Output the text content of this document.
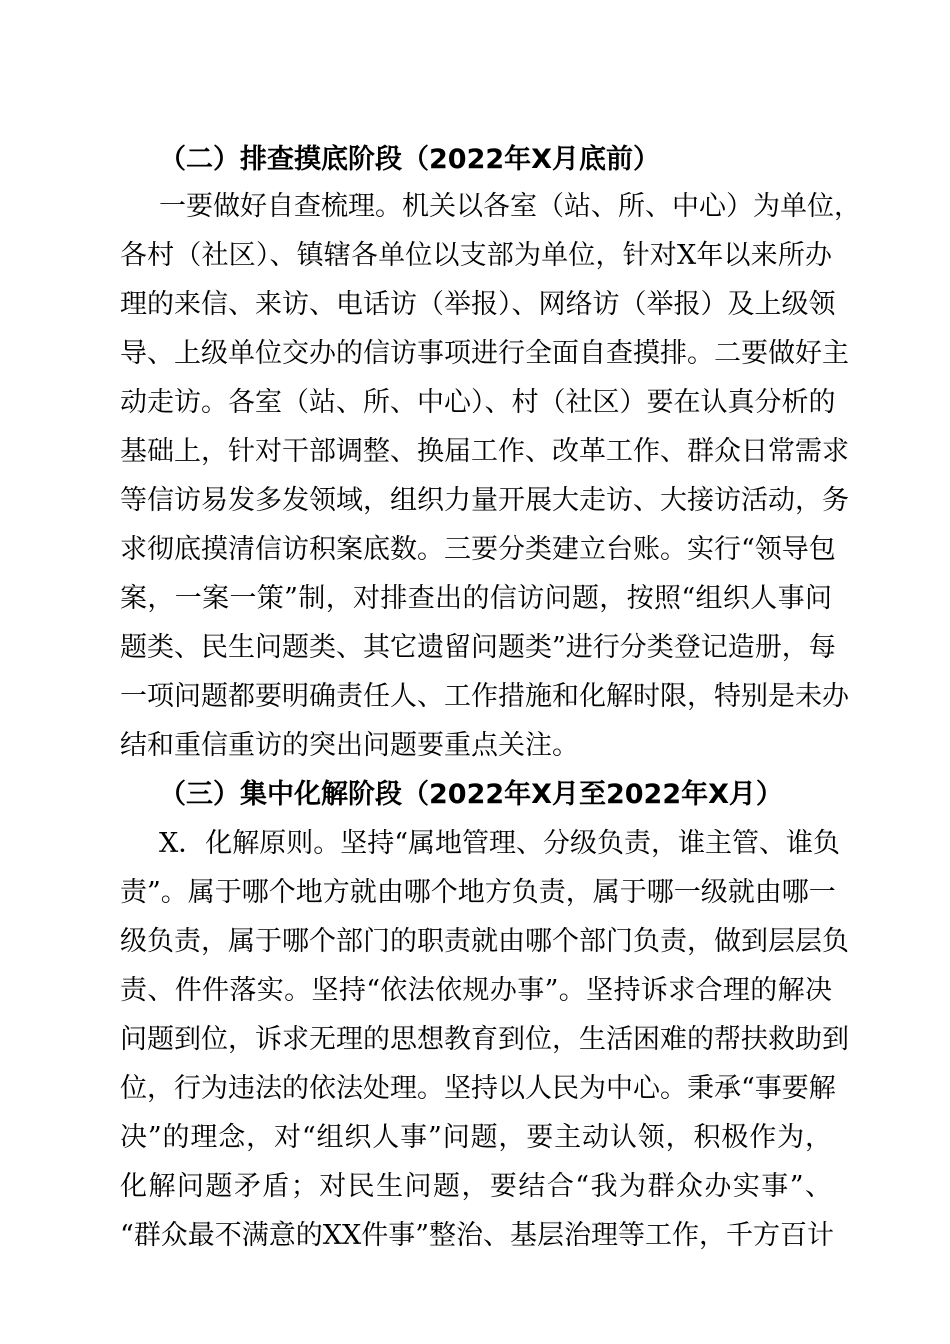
（二）排查摸底阶段（2022年X月底前）
一要做好自查梳理。机关以各室（站、所、中心）为单位，
各村（社区）、镇辖各单位以支部为单位，针对X年以来所办
理的来信、来访、电话访（举报）、网络访（举报）及上级领
导、上级单位交办的信访事项进行全面自查摸排。二要做好主
动走访。各室（站、所、中心）、村（社区）要在认真分析的
基础上，针对干部调整、换届工作、改革工作、群众日常需求
等信访易发多发领域，组织力量开展大走访、大接访活动，务
求彻底摸清信访积案底数。三要分类建立台账。实行“领导包
案，一案一策”制，对排查出的信访问题，按照“组织人事问
题类、民生问题类、其它遗留问题类”进行分类登记造册，每
一项问题都要明确责任人、工作措施和化解时限，特别是未办
结和重信重访的突出问题要重点关注。
（三）集中化解阶段（2022年X月至2022年X月）
X．化解原则。坚持“属地管理、分级负责，谁主管、谁负
责”。属于哪个地方就由哪个地方负责，属于哪一级就由哪一
级负责，属于哪个部门的职责就由哪个部门负责，做到层层负
责、件件落实。坚持“依法依规办事”。坚持诉求合理的解决
问题到位，诉求无理的思想教育到位，生活困难的帮扶救助到
位，行为违法的依法处理。坚持以人民为中心。秉承“事要解
决”的理念，对“组织人事”问题，要主动认领，积极作为，
化解问题矛盾；对民生问题，要结合“我为群众办实事”、
“群众最不满意的XX件事”整治、基层治理等工作，千方百计
